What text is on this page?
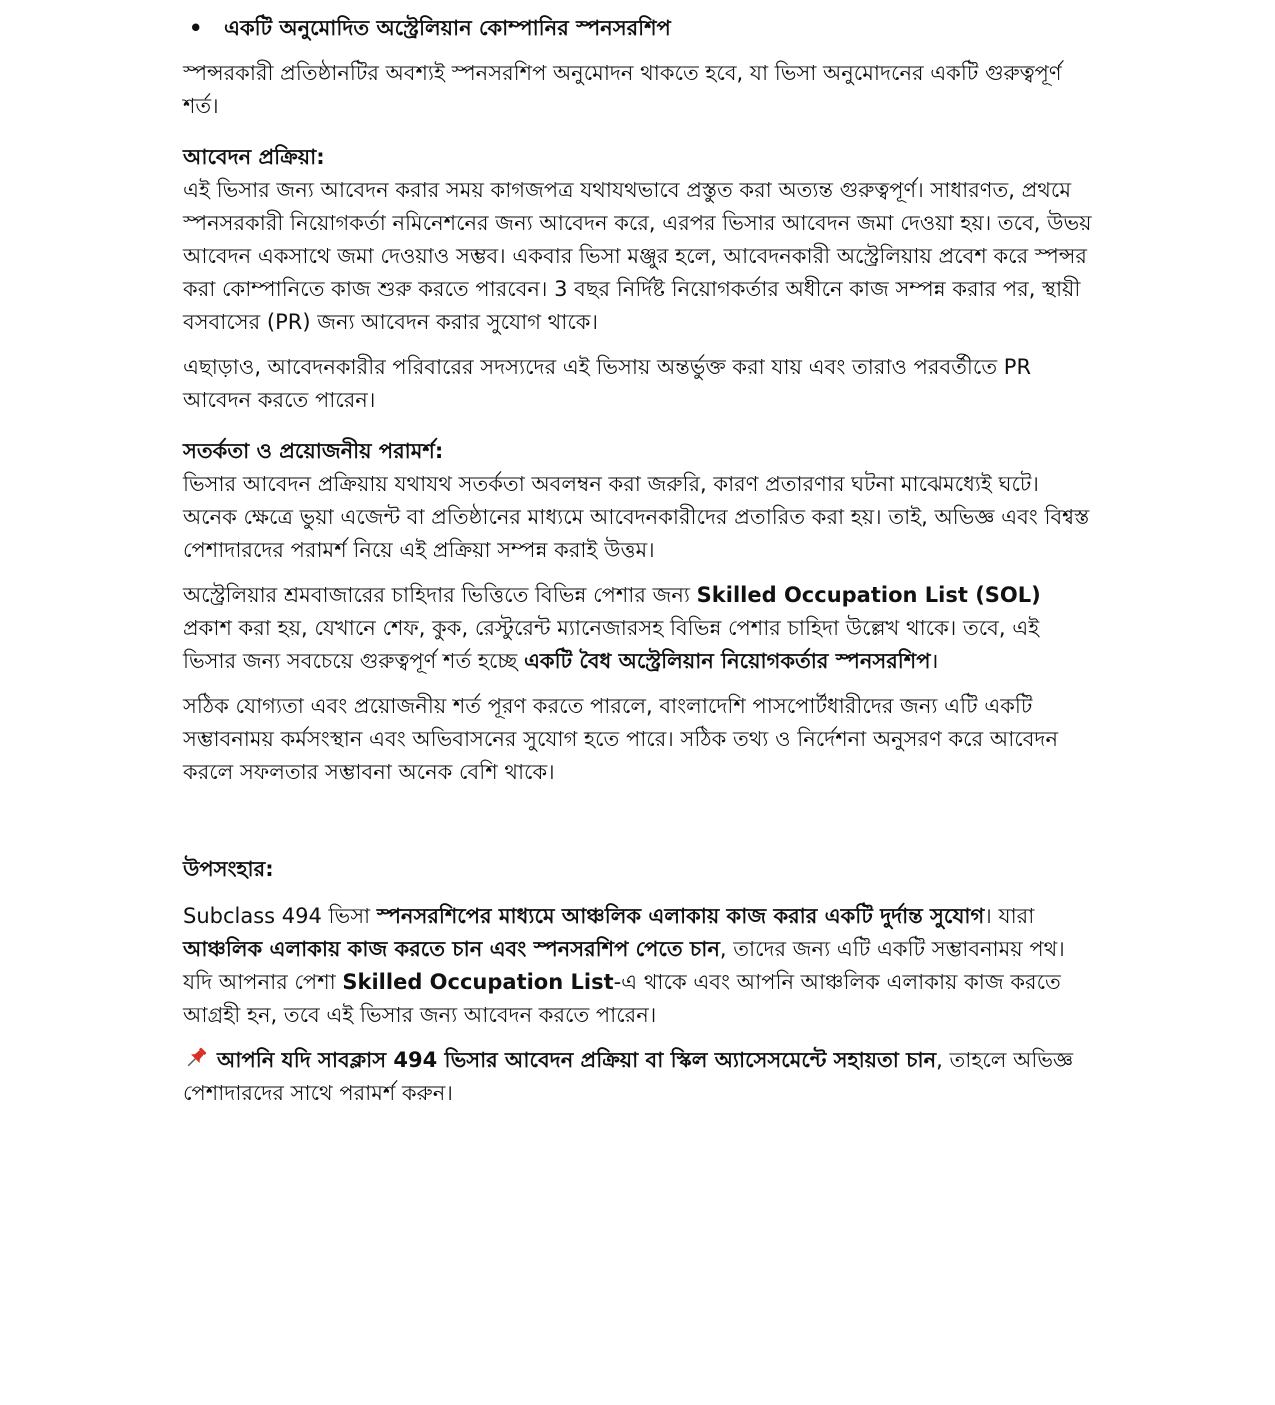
• একটি অনুমোদিত অস্ট্রেলিয়ান কোম্পানির স্পনসরশিপ

স্পন্সরকারী প্রতিষ্ঠানটির অবশ্যই স্পনসরশিপ অনুমোদন থাকতে হবে, যা ভিসা অনুমোদনের একটি গুরুত্বপূর্ণ শর্ত।

আবেদন প্রক্রিয়া:

এই ভিসার জন্য আবেদন করার সময় কাগজপত্র যথাযথভাবে প্রস্তুত করা অত্যন্ত গুরুত্বপূর্ণ। সাধারণত, প্রথমে স্পনসরকারী নিয়োগকর্তা নমিনেশনের জন্য আবেদন করে, এরপর ভিসার আবেদন জমা দেওয়া হয়। তবে, উভয় আবেদন একসাথে জমা দেওয়াও সম্ভব। একবার ভিসা মঞ্জুর হলে, আবেদনকারী অস্ট্রেলিয়ায় প্রবেশ করে স্পন্সর করা কোম্পানিতে কাজ শুরু করতে পারবেন। 3 বছর নির্দিষ্ট নিয়োগকর্তার অধীনে কাজ সম্পন্ন করার পর, স্থায়ী বসবাসের (PR) জন্য আবেদন করার সুযোগ থাকে।

এছাড়াও, আবেদনকারীর পরিবারের সদস্যদের এই ভিসায় অন্তর্ভুক্ত করা যায় এবং তারাও পরবর্তীতে PR আবেদন করতে পারেন।

সতর্কতা ও প্রয়োজনীয় পরামর্শ:

ভিসার আবেদন প্রক্রিয়ায় যথাযথ সতর্কতা অবলম্বন করা জরুরি, কারণ প্রতারণার ঘটনা মাঝেমধ্যেই ঘটে। অনেক ক্ষেত্রে ভুয়া এজেন্ট বা প্রতিষ্ঠানের মাধ্যমে আবেদনকারীদের প্রতারিত করা হয়। তাই, অভিজ্ঞ এবং বিশ্বস্ত পেশাদারদের পরামর্শ নিয়ে এই প্রক্রিয়া সম্পন্ন করাই উত্তম।

অস্ট্রেলিয়ার শ্রমবাজারের চাহিদার ভিত্তিতে বিভিন্ন পেশার জন্য Skilled Occupation List (SOL) প্রকাশ করা হয়, যেখানে শেফ, কুক, রেস্টুরেন্ট ম্যানেজারসহ বিভিন্ন পেশার চাহিদা উল্লেখ থাকে। তবে, এই ভিসার জন্য সবচেয়ে গুরুত্বপূর্ণ শর্ত হচ্ছে একটি বৈধ অস্ট্রেলিয়ান নিয়োগকর্তার স্পনসরশিপ।

সঠিক যোগ্যতা এবং প্রয়োজনীয় শর্ত পূরণ করতে পারলে, বাংলাদেশি পাসপোর্টধারীদের জন্য এটি একটি সম্ভাবনাময় কর্মসংস্থান এবং অভিবাসনের সুযোগ হতে পারে। সঠিক তথ্য ও নির্দেশনা অনুসরণ করে আবেদন করলে সফলতার সম্ভাবনা অনেক বেশি থাকে।

উপসংহার:

Subclass 494 ভিসা স্পনসরশিপের মাধ্যমে আঞ্চলিক এলাকায় কাজ করার একটি দুর্দান্ত সুযোগ। যারা আঞ্চলিক এলাকায় কাজ করতে চান এবং স্পনসরশিপ পেতে চান, তাদের জন্য এটি একটি সম্ভাবনাময় পথ। যদি আপনার পেশা Skilled Occupation List-এ থাকে এবং আপনি আঞ্চলিক এলাকায় কাজ করতে আগ্রহী হন, তবে এই ভিসার জন্য আবেদন করতে পারেন।

আপনি যদি সাবক্লাস 494 ভিসার আবেদন প্রক্রিয়া বা স্কিল অ্যাসেসমেন্টে সহায়তা চান, তাহলে অভিজ্ঞ পেশাদারদের সাথে পরামর্শ করুন।
